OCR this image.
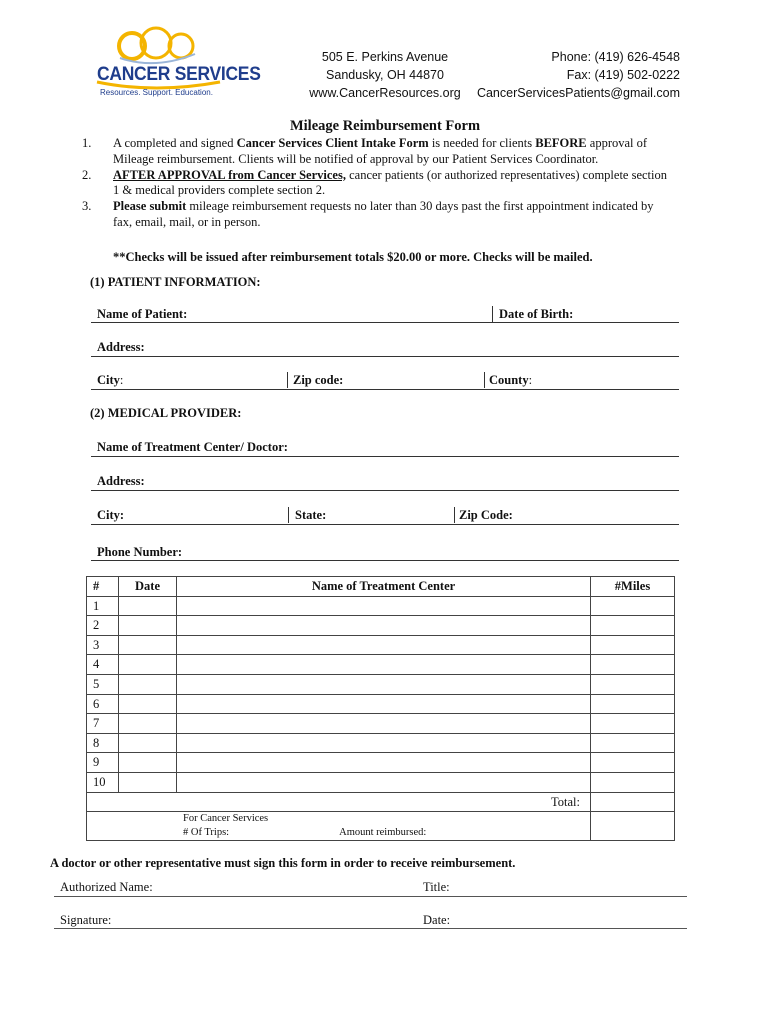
CANCER SERVICES
Resources. Support. Education.
505 E. Perkins Avenue
Sandusky, OH 44870
www.CancerResources.org
Phone: (419) 626-4548
Fax: (419) 502-0222
CancerServicesPatients@gmail.com
Mileage Reimbursement Form
1. A completed and signed Cancer Services Client Intake Form is needed for clients BEFORE approval of Mileage reimbursement. Clients will be notified of approval by our Patient Services Coordinator.
2. AFTER APPROVAL from Cancer Services, cancer patients (or authorized representatives) complete section 1 & medical providers complete section 2.
3. Please submit mileage reimbursement requests no later than 30 days past the first appointment indicated by fax, email, mail, or in person.
**Checks will be issued after reimbursement totals $20.00 or more. Checks will be mailed.
(1) PATIENT INFORMATION:
Name of Patient:	Date of Birth:
Address:
City:	Zip code:	County:
(2) MEDICAL PROVIDER:
Name of Treatment Center/ Doctor:
Address:
City:	State:	Zip Code:
Phone Number:
#	Date	Name of Treatment Center	#Miles
1			
2			
3			
4			
5			
6			
7			
8			
9			
10			
Total:			

For Cancer Services
# Of Trips: Amount reimbursed:			

A doctor or other representative must sign this form in order to receive reimbursement.
Authorized Name:	Title:
Signature:	Date:
